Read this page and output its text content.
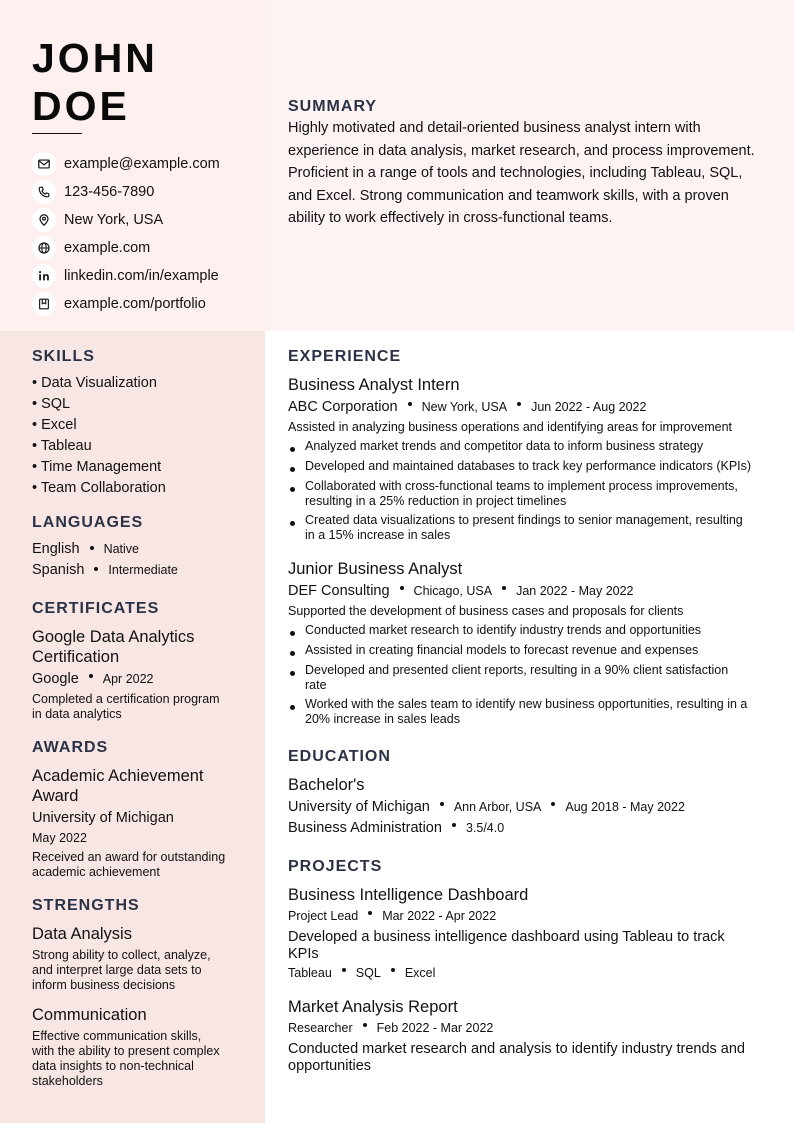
JOHN
DOE
example@example.com
123-456-7890
New York, USA
example.com
linkedin.com/in/example
example.com/portfolio
SUMMARY
Highly motivated and detail-oriented business analyst intern with experience in data analysis, market research, and process improvement. Proficient in a range of tools and technologies, including Tableau, SQL, and Excel. Strong communication and teamwork skills, with a proven ability to work effectively in cross-functional teams.
SKILLS
• Data Visualization
• SQL
• Excel
• Tableau
• Time Management
• Team Collaboration
LANGUAGES
English Native
Spanish Intermediate
CERTIFICATES
Google Data Analytics
Certification
Google Apr 2022
Completed a certification program
in data analytics
AWARDS
Academic Achievement
Award
University of Michigan
May 2022
Received an award for outstanding
academic achievement
STRENGTHS
Data Analysis
Strong ability to collect, analyze,
and interpret large data sets to
inform business decisions
Communication
Effective communication skills,
with the ability to present complex
data insights to non-technical
stakeholders
EXPERIENCE
Business Analyst Intern
ABC Corporation New York, USA Jun 2022 - Aug 2022
Assisted in analyzing business operations and identifying areas for improvement
Analyzed market trends and competitor data to inform business strategy
Developed and maintained databases to track key performance indicators (KPIs)
Collaborated with cross-functional teams to implement process improvements,
resulting in a 25% reduction in project timelines
Created data visualizations to present findings to senior management, resulting
in a 15% increase in sales
Junior Business Analyst
DEF Consulting Chicago, USA Jan 2022 - May 2022
Supported the development of business cases and proposals for clients
Conducted market research to identify industry trends and opportunities
Assisted in creating financial models to forecast revenue and expenses
Developed and presented client reports, resulting in a 90% client satisfaction
rate
Worked with the sales team to identify new business opportunities, resulting in a
20% increase in sales leads
EDUCATION
Bachelor's
University of Michigan Ann Arbor, USA Aug 2018 - May 2022
Business Administration 3.5/4.0
PROJECTS
Business Intelligence Dashboard
Project Lead Mar 2022 - Apr 2022
Developed a business intelligence dashboard using Tableau to track
KPIs
Tableau SQL Excel
Market Analysis Report
Researcher Feb 2022 - Mar 2022
Conducted market research and analysis to identify industry trends and
opportunities
